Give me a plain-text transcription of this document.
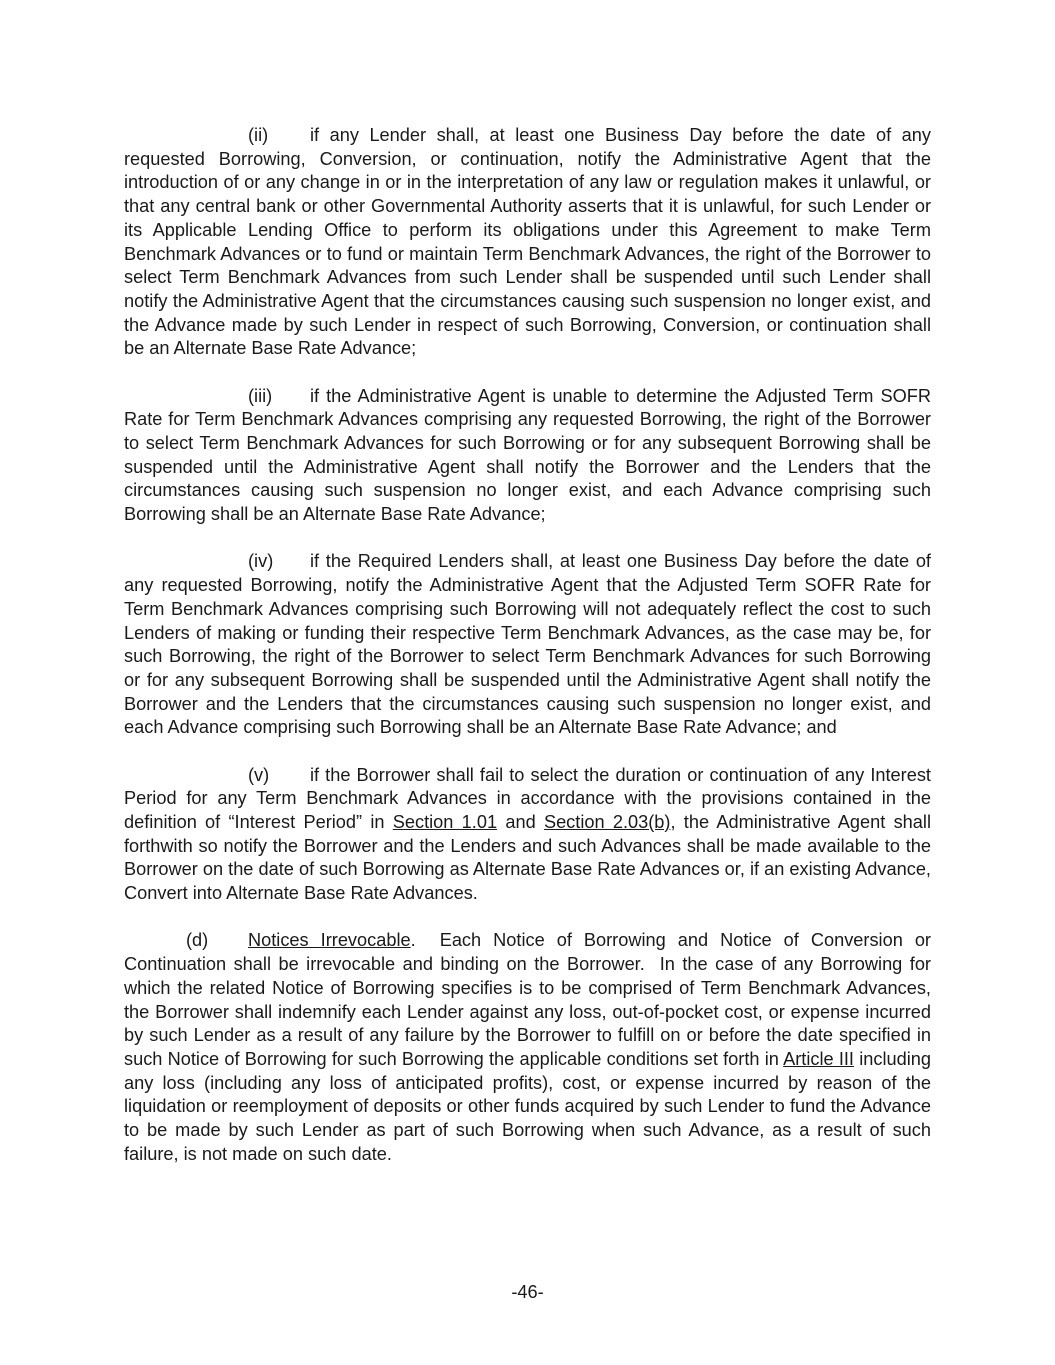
(ii) if any Lender shall, at least one Business Day before the date of any requested Borrowing, Conversion, or continuation, notify the Administrative Agent that the introduction of or any change in or in the interpretation of any law or regulation makes it unlawful, or that any central bank or other Governmental Authority asserts that it is unlawful, for such Lender or its Applicable Lending Office to perform its obligations under this Agreement to make Term Benchmark Advances or to fund or maintain Term Benchmark Advances, the right of the Borrower to select Term Benchmark Advances from such Lender shall be suspended until such Lender shall notify the Administrative Agent that the circumstances causing such suspension no longer exist, and the Advance made by such Lender in respect of such Borrowing, Conversion, or continuation shall be an Alternate Base Rate Advance;

(iii) if the Administrative Agent is unable to determine the Adjusted Term SOFR Rate for Term Benchmark Advances comprising any requested Borrowing, the right of the Borrower to select Term Benchmark Advances for such Borrowing or for any subsequent Borrowing shall be suspended until the Administrative Agent shall notify the Borrower and the Lenders that the circumstances causing such suspension no longer exist, and each Advance comprising such Borrowing shall be an Alternate Base Rate Advance;

(iv) if the Required Lenders shall, at least one Business Day before the date of any requested Borrowing, notify the Administrative Agent that the Adjusted Term SOFR Rate for Term Benchmark Advances comprising such Borrowing will not adequately reflect the cost to such Lenders of making or funding their respective Term Benchmark Advances, as the case may be, for such Borrowing, the right of the Borrower to select Term Benchmark Advances for such Borrowing or for any subsequent Borrowing shall be suspended until the Administrative Agent shall notify the Borrower and the Lenders that the circumstances causing such suspension no longer exist, and each Advance comprising such Borrowing shall be an Alternate Base Rate Advance; and

(v) if the Borrower shall fail to select the duration or continuation of any Interest Period for any Term Benchmark Advances in accordance with the provisions contained in the definition of “Interest Period” in Section 1.01 and Section 2.03(b), the Administrative Agent shall forthwith so notify the Borrower and the Lenders and such Advances shall be made available to the Borrower on the date of such Borrowing as Alternate Base Rate Advances or, if an existing Advance, Convert into Alternate Base Rate Advances.

(d) Notices Irrevocable.  Each Notice of Borrowing and Notice of Conversion or Continuation shall be irrevocable and binding on the Borrower.  In the case of any Borrowing for which the related Notice of Borrowing specifies is to be comprised of Term Benchmark Advances, the Borrower shall indemnify each Lender against any loss, out-of-pocket cost, or expense incurred by such Lender as a result of any failure by the Borrower to fulfill on or before the date specified in such Notice of Borrowing for such Borrowing the applicable conditions set forth in Article III including any loss (including any loss of anticipated profits), cost, or expense incurred by reason of the liquidation or reemployment of deposits or other funds acquired by such Lender to fund the Advance to be made by such Lender as part of such Borrowing when such Advance, as a result of such failure, is not made on such date.

-46-
